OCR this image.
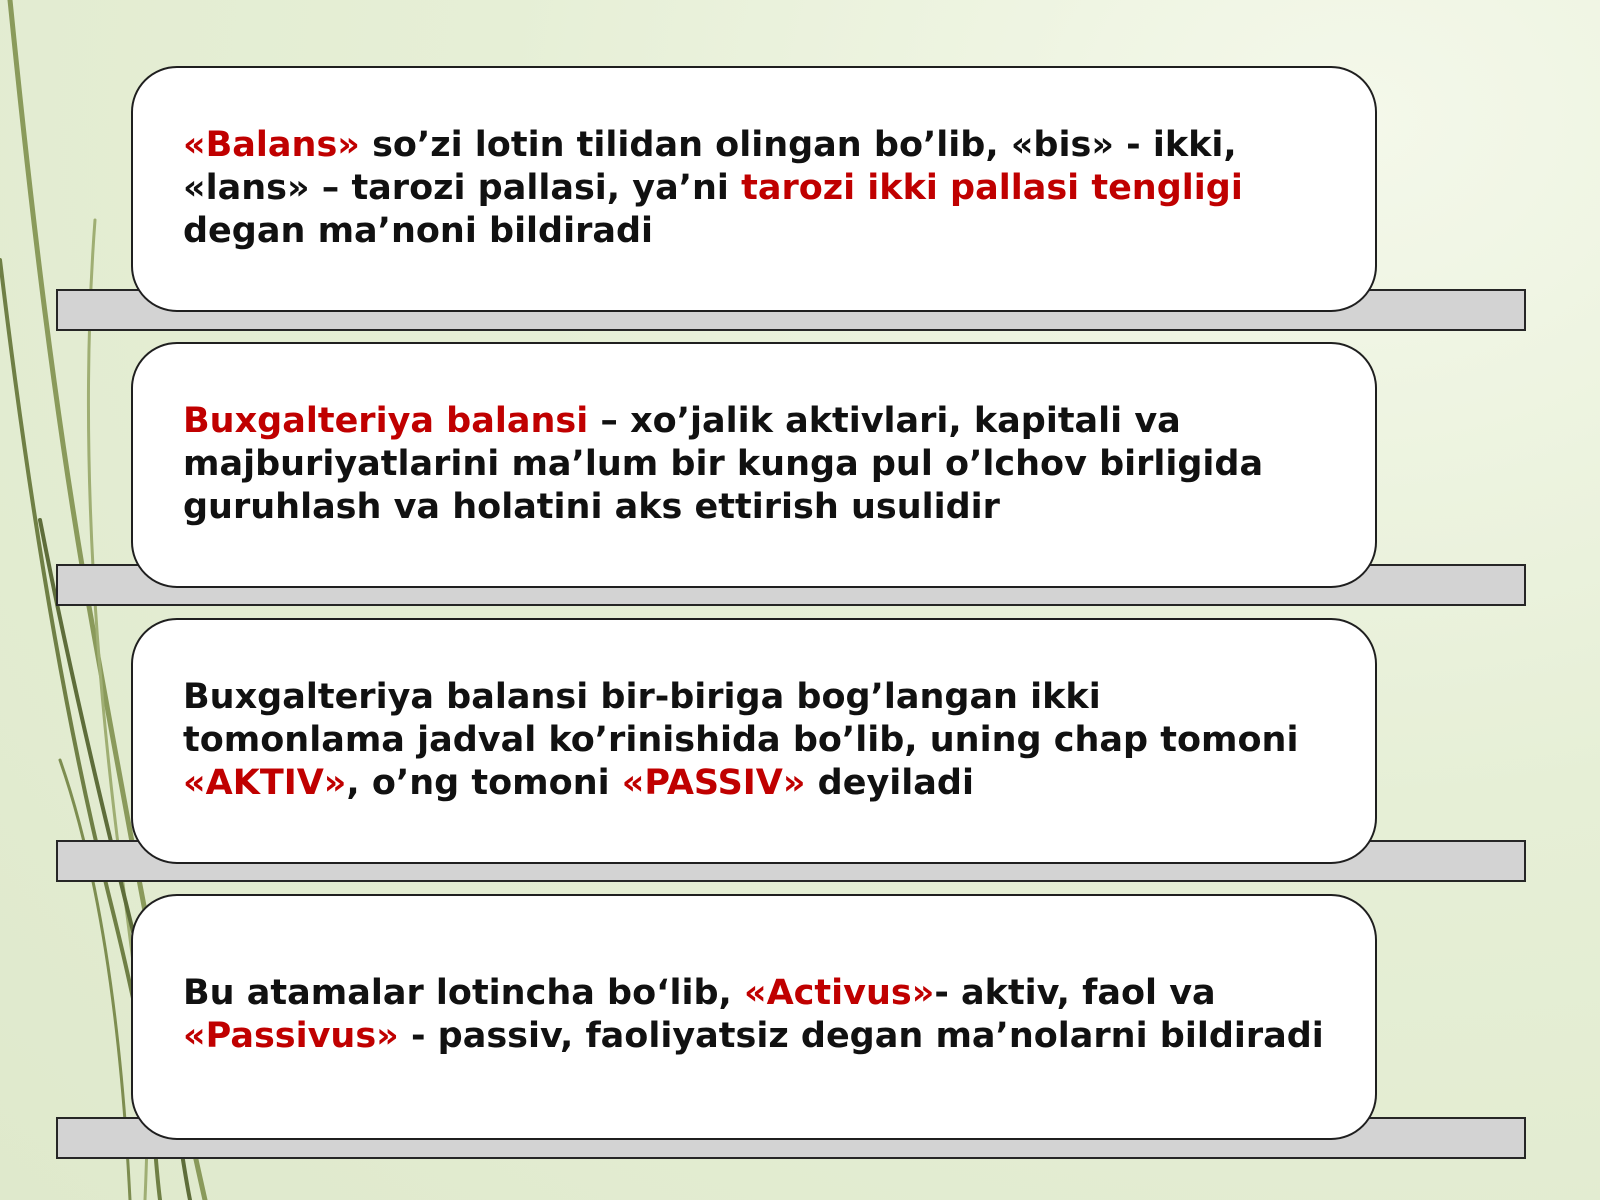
«Balans» so’zi lotin tilidan olingan bo’lib, «bis» - ikki,
«lans» – tarozi pallasi, ya’ni tarozi ikki pallasi tengligi
degan ma’noni bildiradi
Buxgalteriya balansi – xo’jalik aktivlari, kapitali va
majburiyatlarini ma’lum bir kunga pul o’lchov birligida
guruhlash va holatini aks ettirish usulidir
Buxgalteriya balansi bir-biriga bog’langan ikki
tomonlama jadval ko’rinishida bo’lib, uning chap tomoni
«AKTIV», o’ng tomoni «PASSIV» deyiladi
Bu atamalar lotincha bo‘lib, «Activus»- aktiv, faol va
«Passivus» - passiv, faoliyatsiz degan ma’nolarni bildiradi
